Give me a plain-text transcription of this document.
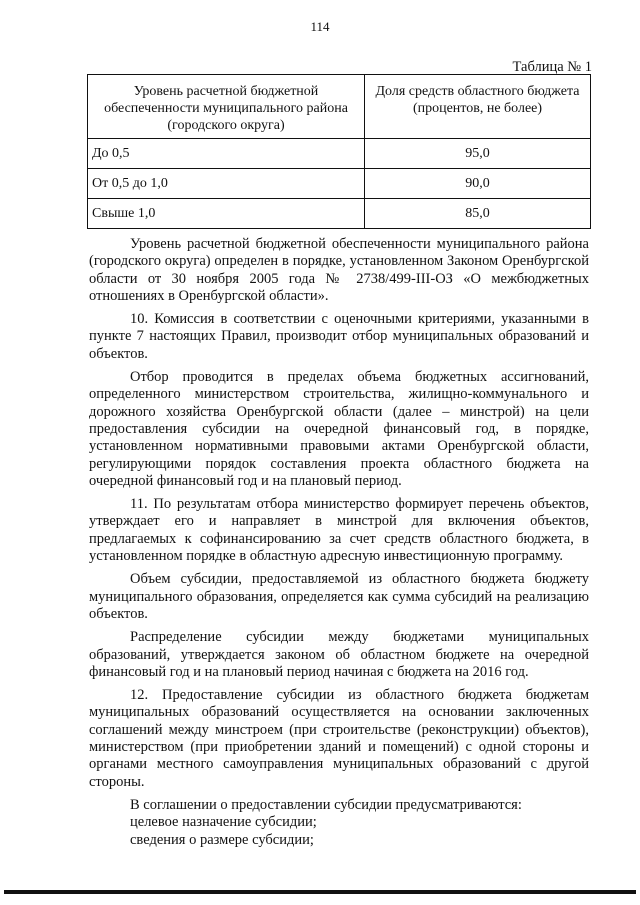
114
Таблица № 1
Уровень расчетной бюджетной обеспеченности муниципального района (городского округа)	Доля средств областного бюджета (процентов, не более)
До 0,5	95,0
От 0,5 до 1,0	90,0
Свыше 1,0	85,0

Уровень расчетной бюджетной обеспеченности муниципального района (городского округа) определен в порядке, установленном Законом Оренбургской области от 30 ноября 2005 года № 2738/499-III-ОЗ «О межбюджетных отношениях в Оренбургской области».

10. Комиссия в соответствии с оценочными критериями, указанными в пункте 7 настоящих Правил, производит отбор муниципальных образований и объектов.

Отбор проводится в пределах объема бюджетных ассигнований, определенного министерством строительства, жилищно-коммунального и дорожного хозяйства Оренбургской области (далее – минстрой) на цели предоставления субсидии на очередной финансовый год, в порядке, установленном нормативными правовыми актами Оренбургской области, регулирующими порядок составления проекта областного бюджета на очередной финансовый год и на плановый период.

11. По результатам отбора министерство формирует перечень объектов, утверждает его и направляет в минстрой для включения объектов, предлагаемых к софинансированию за счет средств областного бюджета, в установленном порядке в областную адресную инвестиционную программу.

Объем субсидии, предоставляемой из областного бюджета бюджету муниципального образования, определяется как сумма субсидий на реализацию объектов.

Распределение субсидии между бюджетами муниципальных образований, утверждается законом об областном бюджете на очередной финансовый год и на плановый период начиная с бюджета на 2016 год.

12. Предоставление субсидии из областного бюджета бюджетам муниципальных образований осуществляется на основании заключенных соглашений между минстроем (при строительстве (реконструкции) объектов), министерством (при приобретении зданий и помещений) с одной стороны и органами местного самоуправления муниципальных образований с другой стороны.

В соглашении о предоставлении субсидии предусматриваются:

целевое назначение субсидии;

сведения о размере субсидии;
